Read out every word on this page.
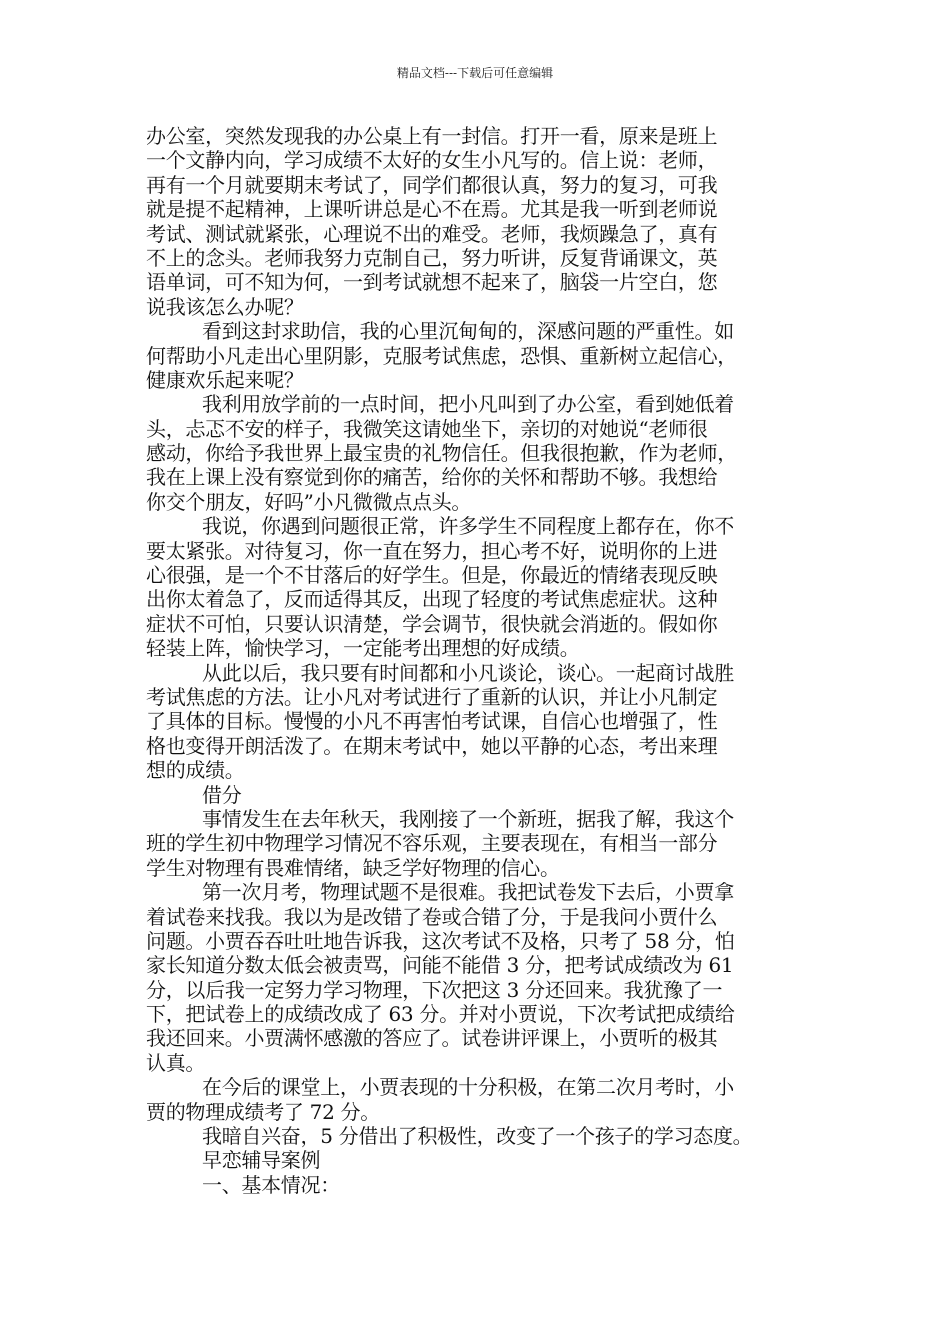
精品文档---下载后可任意编辑
办公室，突然发现我的办公桌上有一封信。打开一看，原来是班上
一个文静内向，学习成绩不太好的女生小凡写的。信上说：老师，
再有一个月就要期末考试了，同学们都很认真，努力的复习，可我
就是提不起精神，上课听讲总是心不在焉。尤其是我一听到老师说
考试、测试就紧张，心理说不出的难受。老师，我烦躁急了，真有
不上的念头。老师我努力克制自己，努力听讲，反复背诵课文，英
语单词，可不知为何，一到考试就想不起来了，脑袋一片空白，您
说我该怎么办呢？
看到这封求助信，我的心里沉甸甸的，深感问题的严重性。如
何帮助小凡走出心里阴影，克服考试焦虑，恐惧、重新树立起信心，
健康欢乐起来呢？
我利用放学前的一点时间，把小凡叫到了办公室，看到她低着
头，忐忑不安的样子，我微笑这请她坐下，亲切的对她说“老师很
感动，你给予我世界上最宝贵的礼物信任。但我很抱歉，作为老师，
我在上课上没有察觉到你的痛苦，给你的关怀和帮助不够。我想给
你交个朋友，好吗”小凡微微点点头。
我说，你遇到问题很正常，许多学生不同程度上都存在，你不
要太紧张。对待复习，你一直在努力，担心考不好，说明你的上进
心很强，是一个不甘落后的好学生。但是，你最近的情绪表现反映
出你太着急了，反而适得其反，出现了轻度的考试焦虑症状。这种
症状不可怕，只要认识清楚，学会调节，很快就会消逝的。假如你
轻装上阵，愉快学习，一定能考出理想的好成绩。
从此以后，我只要有时间都和小凡谈论，谈心。一起商讨战胜
考试焦虑的方法。让小凡对考试进行了重新的认识，并让小凡制定
了具体的目标。慢慢的小凡不再害怕考试课，自信心也增强了，性
格也变得开朗活泼了。在期末考试中，她以平静的心态，考出来理
想的成绩。
借分
事情发生在去年秋天，我刚接了一个新班，据我了解，我这个
班的学生初中物理学习情况不容乐观，主要表现在，有相当一部分
学生对物理有畏难情绪，缺乏学好物理的信心。
第一次月考，物理试题不是很难。我把试卷发下去后，小贾拿
着试卷来找我。我以为是改错了卷或合错了分，于是我问小贾什么
问题。小贾吞吞吐吐地告诉我，这次考试不及格，只考了 58 分，怕
家长知道分数太低会被责骂，问能不能借 3 分，把考试成绩改为 61
分，以后我一定努力学习物理，下次把这 3 分还回来。我犹豫了一
下，把试卷上的成绩改成了 63 分。并对小贾说，下次考试把成绩给
我还回来。小贾满怀感激的答应了。试卷讲评课上，小贾听的极其
认真。
在今后的课堂上，小贾表现的十分积极，在第二次月考时，小
贾的物理成绩考了 72 分。
我暗自兴奋，5 分借出了积极性，改变了一个孩子的学习态度。
早恋辅导案例
一、基本情况：
